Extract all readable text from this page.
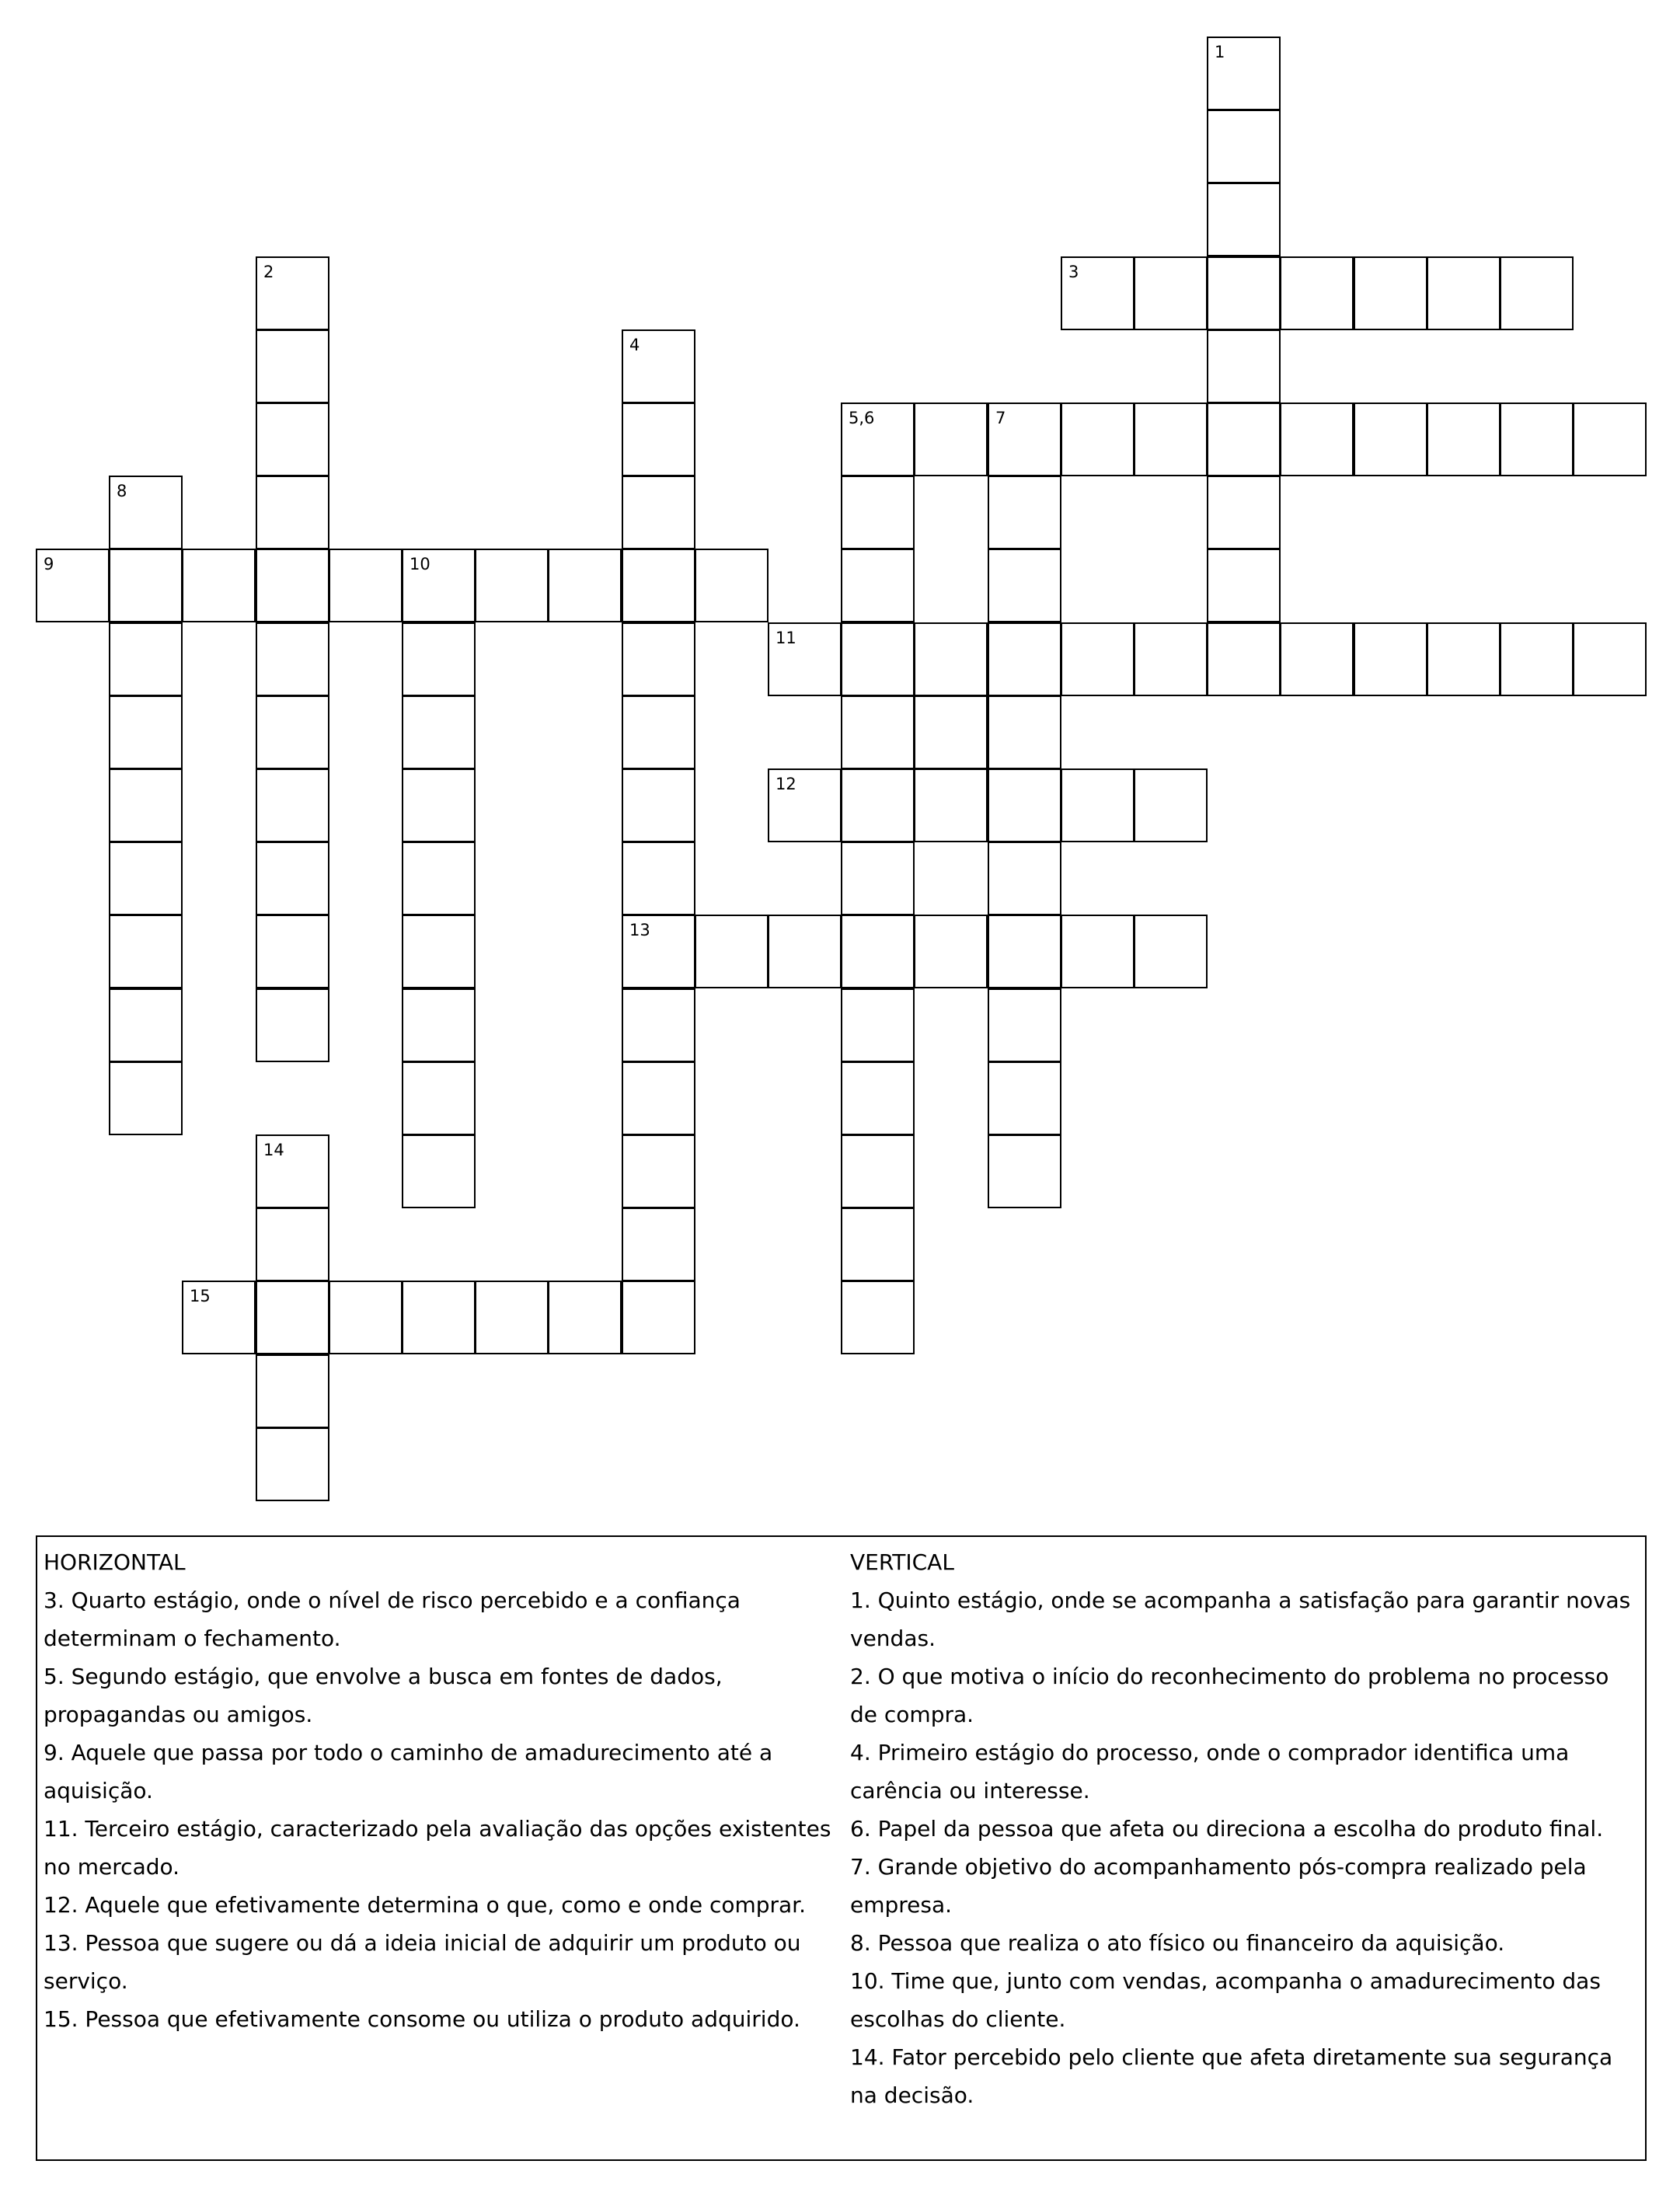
1
3
2
4
13
5,6	7
8
9	10
11
12
14
15
HORIZONTAL

3. Quarto estágio, onde o nível de risco percebido e a confiança determinam o fechamento.

5. Segundo estágio, que envolve a busca em fontes de dados, propagandas ou amigos.

9. Aquele que passa por todo o caminho de amadurecimento até a aquisição.

11. Terceiro estágio, caracterizado pela avaliação das opções existentes no mercado.

12. Aquele que efetivamente determina o que, como e onde comprar.

13. Pessoa que sugere ou dá a ideia inicial de adquirir um produto ou serviço.

15. Pessoa que efetivamente consome ou utiliza o produto adquirido.

VERTICAL

1. Quinto estágio, onde se acompanha a satisfação para garantir novas vendas.

2. O que motiva o início do reconhecimento do problema no processo de compra.

4. Primeiro estágio do processo, onde o comprador identifica uma carência ou interesse.

6. Papel da pessoa que afeta ou direciona a escolha do produto final.

7. Grande objetivo do acompanhamento pós-compra realizado pela empresa.

8. Pessoa que realiza o ato físico ou financeiro da aquisição.

10. Time que, junto com vendas, acompanha o amadurecimento das escolhas do cliente.

14. Fator percebido pelo cliente que afeta diretamente sua segurança na decisão.
